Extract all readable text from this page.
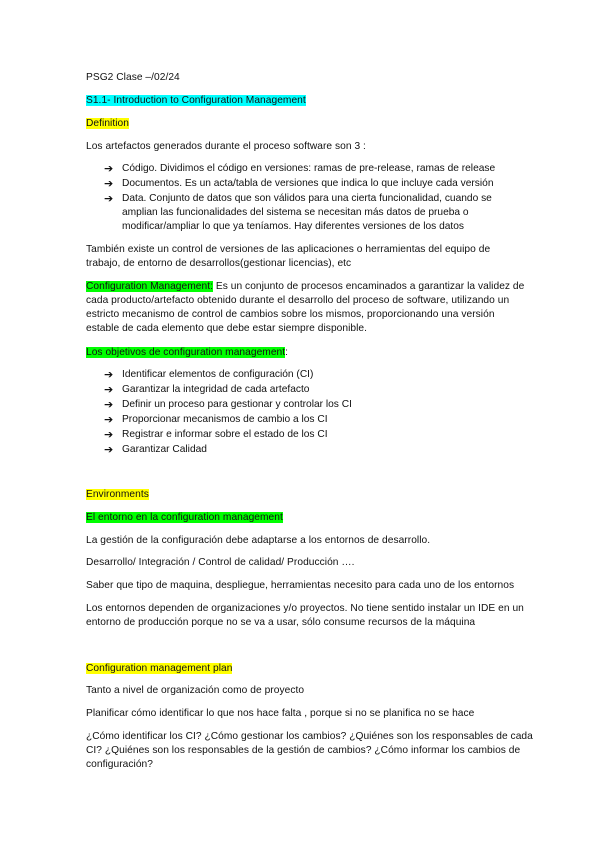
PSG2 Clase –/02/24
S1.1- Introduction to Configuration Management
Definition
Los artefactos generados durante el proceso software son 3 :
➔ Código. Dividimos el código en versiones: ramas de pre-release, ramas de release
➔ Documentos. Es un acta/tabla de versiones que indica lo que incluye cada versión
➔ Data. Conjunto de datos que son válidos para una cierta funcionalidad, cuando se
amplian las funcionalidades del sistema se necesitan más datos de prueba o
modificar/ampliar lo que ya teníamos. Hay diferentes versiones de los datos
También existe un control de versiones de las aplicaciones o herramientas del equipo de
trabajo, de entorno de desarrollos(gestionar licencias), etc
Configuration Management: Es un conjunto de procesos encaminados a garantizar la validez de
cada producto/artefacto obtenido durante el desarrollo del proceso de software, utilizando un
estricto mecanismo de control de cambios sobre los mismos, proporcionando una versión
estable de cada elemento que debe estar siempre disponible.
Los objetivos de configuration management:
➔ Identificar elementos de configuración (CI)
➔ Garantizar la integridad de cada artefacto
➔ Definir un proceso para gestionar y controlar los CI
➔ Proporcionar mecanismos de cambio a los CI
➔ Registrar e informar sobre el estado de los CI
➔ Garantizar Calidad
Environments
El entorno en la configuration management
La gestión de la configuración debe adaptarse a los entornos de desarrollo.
Desarrollo/ Integración / Control de calidad/ Producción ….
Saber que tipo de maquina, despliegue, herramientas necesito para cada uno de los entornos
Los entornos dependen de organizaciones y/o proyectos. No tiene sentido instalar un IDE en un
entorno de producción porque no se va a usar, sólo consume recursos de la máquina
Configuration management plan
Tanto a nivel de organización como de proyecto
Planificar cómo identificar lo que nos hace falta , porque si no se planifica no se hace
¿Cómo identificar los CI? ¿Cómo gestionar los cambios? ¿Quiénes son los responsables de cada
CI? ¿Quiénes son los responsables de la gestión de cambios? ¿Cómo informar los cambios de
configuración?
